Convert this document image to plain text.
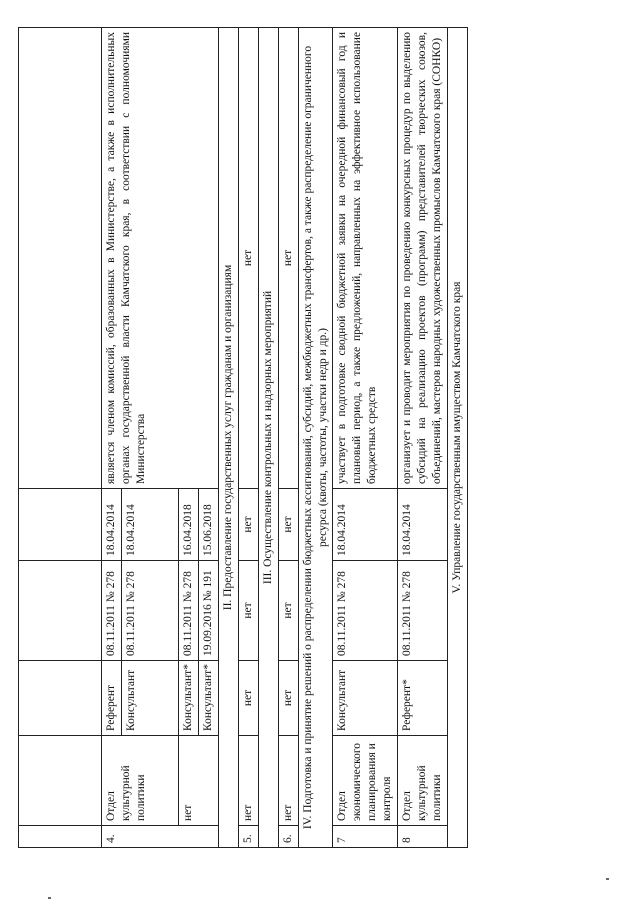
4.	Отдел культурной политики	Референт	08.11.2011 № 278	18.04.2014	является членом комиссий, образованных в Министерстве, а также в исполнительных органах государственной власти Камчатского края, в соответствии с полномочиями Министерства
		Консультант	08.11.2011 № 278	18.04.2014	
	нет	Консультант*	08.11.2011 № 278	16.04.2018	
		Консультант*	19.09.2016 № 191	15.06.2018	
II. Предоставление государственных услуг гражданам и организациям					
5.	нет	нет	нет	нет	нет
III. Осуществление контрольных и надзорных мероприятий					
6.	нет	нет	нет	нет	нет
IV. Подготовка и принятие решений о распределении бюджетных ассигнований, субсидий, межбюджетных трансфертов, а также распределение ограниченного ресурса (квоты, частоты, участки недр и др.)					
7	Отдел экономического планирования и контроля	Консультант	08.11.2011 № 278	18.04.2014	участвует в подготовке сводной бюджетной заявки на очередной финансовый год и плановый период, а также предложений, направленных на эффективное использование бюджетных средств
8	Отдел культурной политики	Референт*	08.11.2011 № 278	18.04.2014	организует и проводит мероприятия по проведению конкурсных процедур по выделению субсидий на реализацию проектов (программ) представителей творческих союзов, объединений, мастеров народных художественных промыслов Камчатского края (СОНКО)
V. Управление государственным имуществом Камчатского края					
